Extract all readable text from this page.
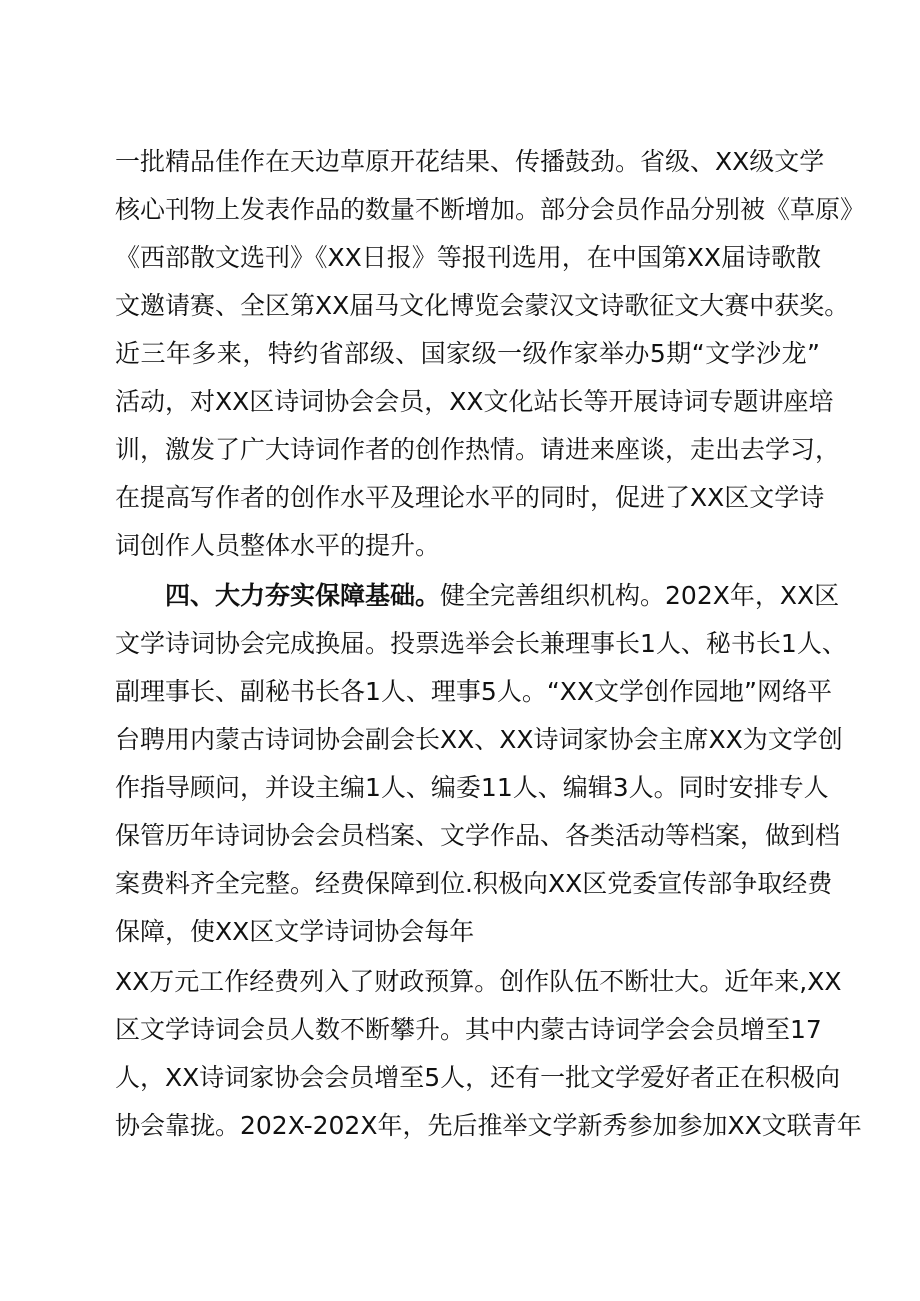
一批精品佳作在天边草原开花结果、传播鼓劲。省级、XX级文学
核心刊物上发表作品的数量不断增加。部分会员作品分别被《草原》
《西部散文选刊》《XX日报》等报刊选用，在中国第XX届诗歌散
文邀请赛、全区第XX届马文化博览会蒙汉文诗歌征文大赛中获奖。
近三年多来，特约省部级、国家级一级作家举办5期“文学沙龙”
活动，对XX区诗词协会会员，XX文化站长等开展诗词专题讲座培
训，激发了广大诗词作者的创作热情。请进来座谈，走出去学习，
在提高写作者的创作水平及理论水平的同时，促进了XX区文学诗
词创作人员整体水平的提升。
四、大力夯实保障基础。健全完善组织机构。202X年，XX区
文学诗词协会完成换届。投票选举会长兼理事长1人、秘书长1人、
副理事长、副秘书长各1人、理事5人。“XX文学创作园地”网络平
台聘用内蒙古诗词协会副会长XX、XX诗词家协会主席XX为文学创
作指导顾问，并设主编1人、编委11人、编辑3人。同时安排专人
保管历年诗词协会会员档案、文学作品、各类活动等档案，做到档
案费料齐全完整。经费保障到位.积极向XX区党委宣传部争取经费
保障，使XX区文学诗词协会每年
XX万元工作经费列入了财政预算。创作队伍不断壮大。近年来,XX
区文学诗词会员人数不断攀升。其中内蒙古诗词学会会员增至17
人，XX诗词家协会会员增至5人，还有一批文学爱好者正在积极向
协会靠拢。202X-202X年，先后推举文学新秀参加参加XX文联青年
